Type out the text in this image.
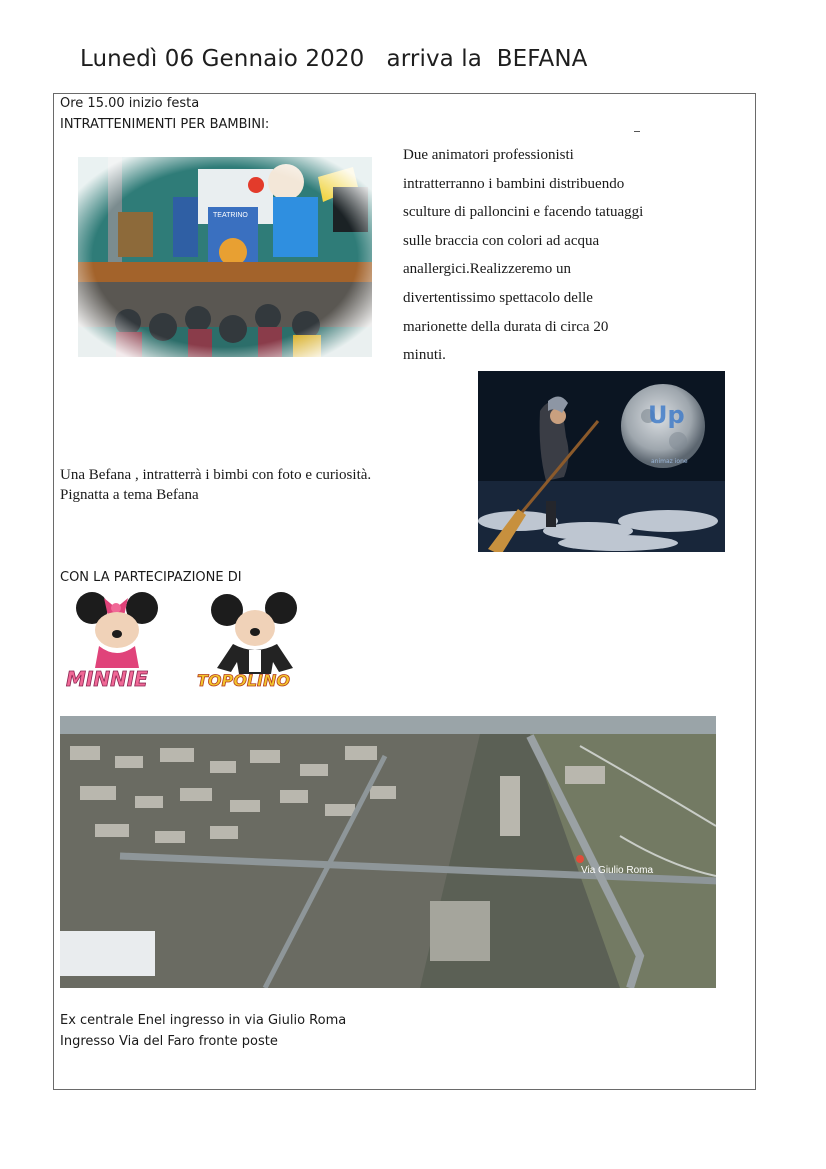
Lunedì 06 Gennaio 2020   arriva la  BEFANA
Ore 15.00 inizio festa
INTRATTENIMENTI PER BAMBINI:
Due animatori professionisti
intratterranno i bambini distribuendo
sculture di palloncini e facendo tatuaggi
sulle braccia con colori ad acqua
anallergici.Realizzeremo un
divertentissimo spettacolo delle
marionette della durata di circa 20
minuti.
Up
animaz ione
Una Befana , intratterrà i bimbi con foto e curiosità.
Pignatta a tema Befana
CON LA PARTECIPAZIONE DI
MINNIE	TOPOLINO
Via Giulio Roma
Ex centrale Enel ingresso in via Giulio Roma
Ingresso Via del Faro fronte poste
